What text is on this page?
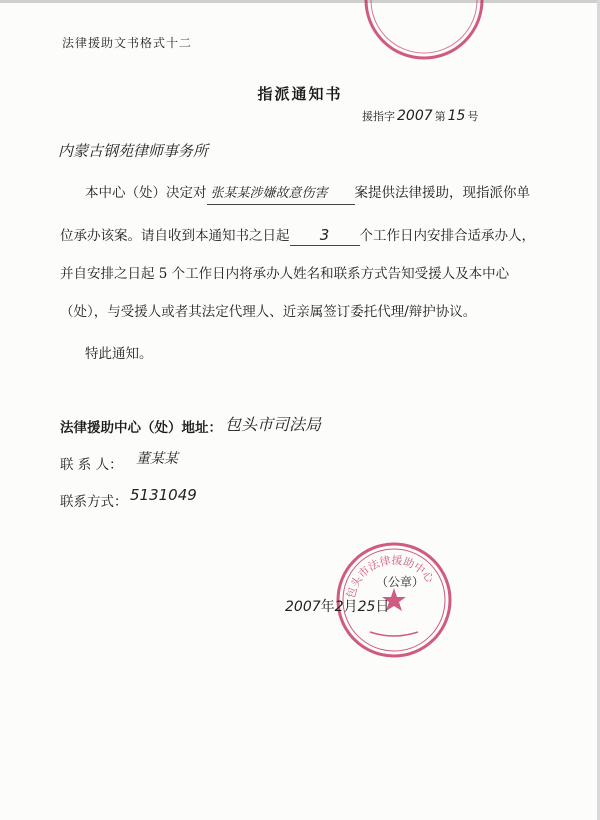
法律援助文书格式十二
指派通知书
援指字 2007 第 15 号
内蒙古钢苑律师事务所
本中心（处）决定对 张某某涉嫌故意伤害 案提供法律援助，现指派你单
位承办该案。请自收到本通知书之日起 3 个工作日内安排合适承办人，
并自安排之日起 5 个工作日内将承办人姓名和联系方式告知受援人及本中心
（处），与受援人或者其法定代理人、近亲属签订委托代理/辩护协议。
特此通知。
法律援助中心（处）地址： 包头市司法局
联 系 人： 董某某
联系方式： 5131049
包头市法律援助中心
（公章）
2007年2月25日
